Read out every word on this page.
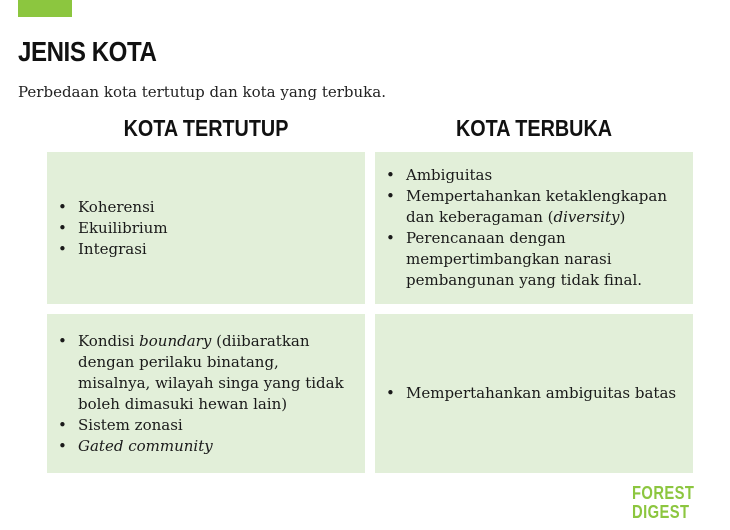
JENIS KOTA
Perbedaan kota tertutup dan kota yang terbuka.
KOTA TERTUTUP	KOTA TERBUKA
• Koherensi
• Ekuilibrium
• Integrasi
• Ambiguitas
• Mempertahankan ketaklengkapan dan keberagaman (diversity)
• Perencanaan dengan mempertimbangkan narasi pembangunan yang tidak final.
• Kondisi boundary (diibaratkan dengan perilaku binatang, misalnya, wilayah singa yang tidak boleh dimasuki hewan lain)
• Sistem zonasi
• Gated community
• Mempertahankan ambiguitas batas
FOREST
DIGEST
